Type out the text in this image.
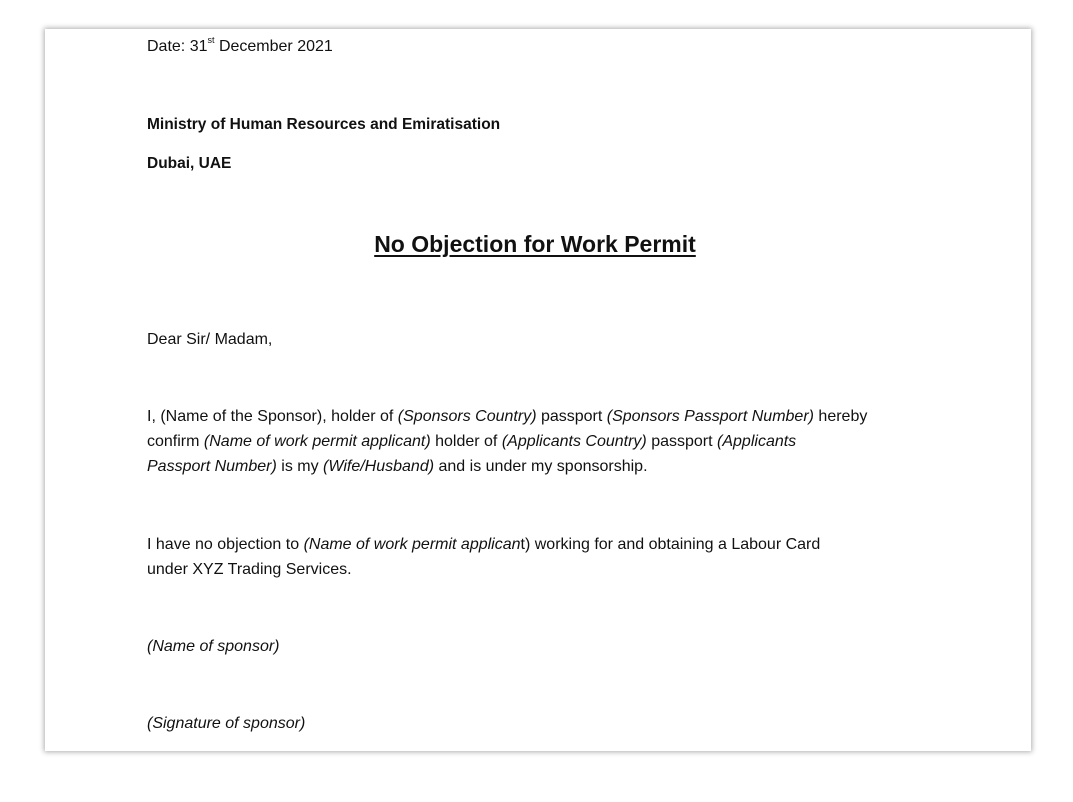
Date: 31st December 2021
Ministry of Human Resources and Emiratisation
Dubai, UAE
No Objection for Work Permit
Dear Sir/ Madam,
I, (Name of the Sponsor), holder of (Sponsors Country) passport (Sponsors Passport Number) hereby
confirm (Name of work permit applicant) holder of (Applicants Country) passport (Applicants
Passport Number) is my (Wife/Husband) and is under my sponsorship.
I have no objection to (Name of work permit applicant) working for and obtaining a Labour Card
under XYZ Trading Services.
(Name of sponsor)
(Signature of sponsor)
